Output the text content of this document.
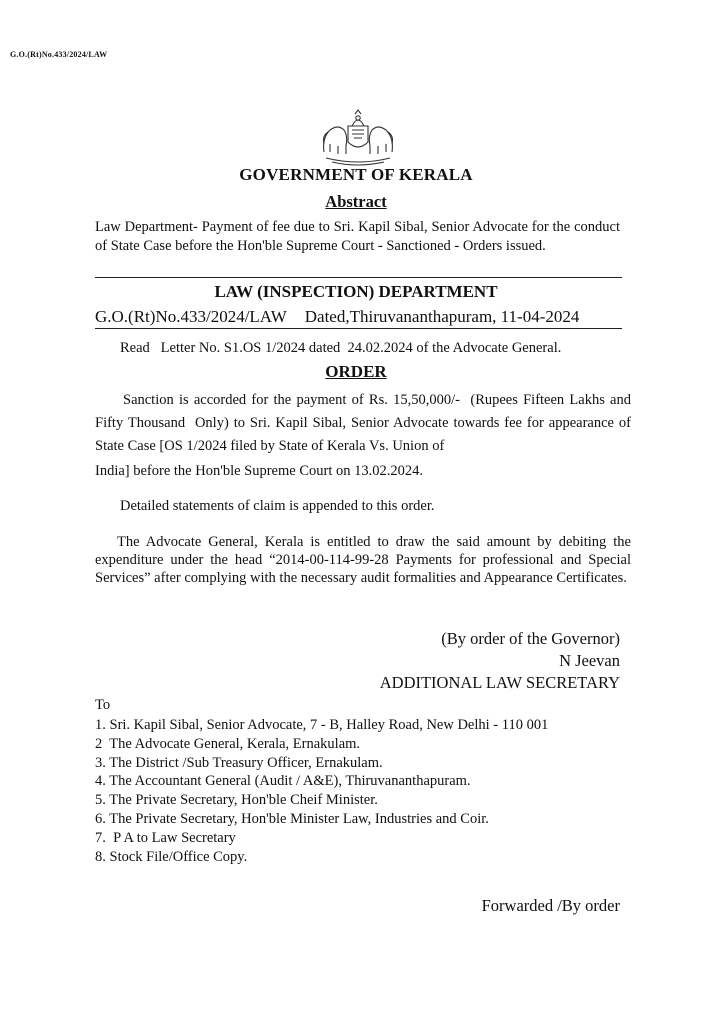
G.O.(Rt)No.433/2024/LAW
GOVERNMENT OF KERALA
Abstract
Law Department- Payment of fee due to Sri. Kapil Sibal, Senior Advocate for the conduct of State Case before the Hon'ble Supreme Court - Sanctioned - Orders issued.
LAW (INSPECTION) DEPARTMENT
G.O.(Rt)No.433/2024/LAW Dated,Thiruvananthapuram, 11-04-2024
Read   Letter No. S1.OS 1/2024 dated  24.02.2024 of the Advocate General.
ORDER
Sanction is accorded for the payment of Rs. 15,50,000/-  (Rupees Fifteen Lakhs and Fifty Thousand  Only) to Sri. Kapil Sibal, Senior Advocate towards fee for appearance of State Case [OS 1/2024 filed by State of Kerala Vs. Union of
India] before the Hon'ble Supreme Court on 13.02.2024.
Detailed statements of claim is appended to this order.
The Advocate General, Kerala is entitled to draw the said amount by debiting the expenditure under the head “2014-00-114-99-28 Payments for professional and Special Services” after complying with the necessary audit formalities and Appearance Certificates.
(By order of the Governor)
N Jeevan
ADDITIONAL LAW SECRETARY
To
1. Sri. Kapil Sibal, Senior Advocate, 7 - B, Halley Road, New Delhi - 110 001
2  The Advocate General, Kerala, Ernakulam.
3. The District /Sub Treasury Officer, Ernakulam.
4. The Accountant General (Audit / A&E), Thiruvananthapuram.
5. The Private Secretary, Hon'ble Cheif Minister.
6. The Private Secretary, Hon'ble Minister Law, Industries and Coir.
7.  P A to Law Secretary
8. Stock File/Office Copy.
Forwarded /By order
